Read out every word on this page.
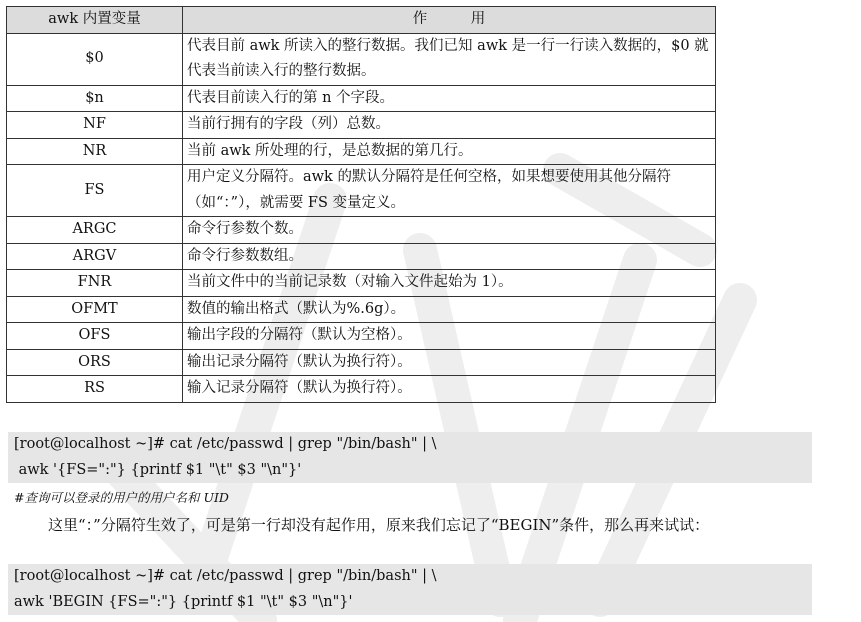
awk 内置变量	作　　　用
$0	代表目前 awk 所读入的整行数据。我们已知 awk 是一行一行读入数据的，$0 就代表当前读入行的整行数据。
$n	代表目前读入行的第 n 个字段。
NF	当前行拥有的字段（列）总数。
NR	当前 awk 所处理的行，是总数据的第几行。
FS	用户定义分隔符。awk 的默认分隔符是任何空格，如果想要使用其他分隔符（如“：”），就需要 FS 变量定义。
ARGC	命令行参数个数。
ARGV	命令行参数数组。
FNR	当前文件中的当前记录数（对输入文件起始为 1）。
OFMT	数值的输出格式（默认为%.6g）。
OFS	输出字段的分隔符（默认为空格）。
ORS	输出记录分隔符（默认为换行符）。
RS	输入记录分隔符（默认为换行符）。
[root@localhost ~]# cat /etc/passwd | grep "/bin/bash" | \
awk '{FS=":"} {printf $1 "\t" $3 "\n"}'
#查询可以登录的用户的用户名和 UID

这里“：”分隔符生效了，可是第一行却没有起作用，原来我们忘记了“BEGIN”条件，那么再来试试：

[root@localhost ~]# cat /etc/passwd | grep "/bin/bash" | \
awk 'BEGIN {FS=":"} {printf $1 "\t" $3 "\n"}'
